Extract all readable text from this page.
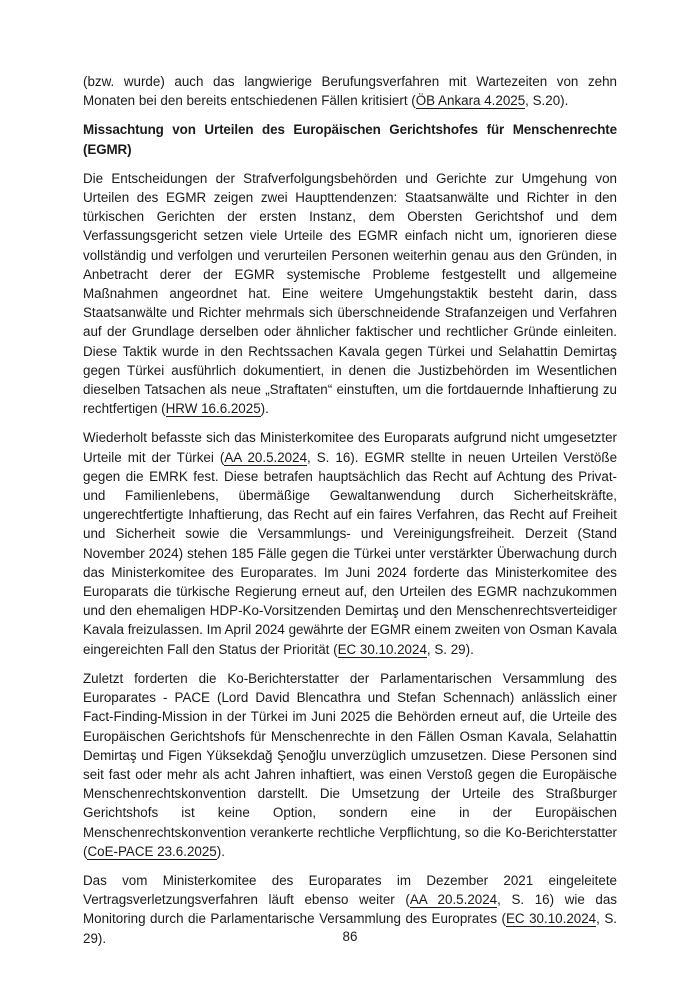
(bzw. wurde) auch das langwierige Berufungsverfahren mit Wartezeiten von zehn Monaten bei den bereits entschiedenen Fällen kritisiert (ÖB Ankara 4.2025, S.20).

Missachtung von Urteilen des Europäischen Gerichtshofes für Menschenrechte (EGMR)

Die Entscheidungen der Strafverfolgungsbehörden und Gerichte zur Umgehung von Urteilen des EGMR zeigen zwei Haupttendenzen: Staatsanwälte und Richter in den türkischen Gerichten der ersten Instanz, dem Obersten Gerichtshof und dem Verfassungsgericht setzen viele Urteile des EGMR einfach nicht um, ignorieren diese vollständig und verfolgen und verurteilen Personen weiterhin genau aus den Gründen, in Anbetracht derer der EGMR systemische Probleme festgestellt und allgemeine Maßnahmen angeordnet hat. Eine weitere Umgehungstaktik besteht darin, dass Staatsanwälte und Richter mehrmals sich überschneidende Strafanzeigen und Verfahren auf der Grundlage derselben oder ähnlicher faktischer und rechtlicher Gründe einleiten. Diese Taktik wurde in den Rechtssachen Kavala gegen Türkei und Selahattin Demirtaş gegen Türkei ausführlich dokumentiert, in denen die Justizbehörden im Wesentlichen dieselben Tatsachen als neue „Straftaten“ einstuften, um die fortdauernde Inhaftierung zu rechtfertigen (HRW 16.6.2025).

Wiederholt befasste sich das Ministerkomitee des Europarats aufgrund nicht umgesetzter Urteile mit der Türkei (AA 20.5.2024, S. 16). EGMR stellte in neuen Urteilen Verstöße gegen die EMRK fest. Diese betrafen hauptsächlich das Recht auf Achtung des Privat- und Familienlebens, übermäßige Gewaltanwendung durch Sicherheitskräfte, ungerechtfertigte Inhaftierung, das Recht auf ein faires Verfahren, das Recht auf Freiheit und Sicherheit sowie die Versammlungs- und Vereinigungsfreiheit. Derzeit (Stand November 2024) stehen 185 Fälle gegen die Türkei unter verstärkter Überwachung durch das Ministerkomitee des Europarates. Im Juni 2024 forderte das Ministerkomitee des Europarats die türkische Regierung erneut auf, den Urteilen des EGMR nachzukommen und den ehemaligen HDP-Ko-Vorsitzenden Demirtaş und den Menschenrechtsverteidiger Kavala freizulassen. Im April 2024 gewährte der EGMR einem zweiten von Osman Kavala eingereichten Fall den Status der Priorität (EC 30.10.2024, S. 29).

Zuletzt forderten die Ko-Berichterstatter der Parlamentarischen Versammlung des Europarates - PACE (Lord David Blencathra und Stefan Schennach) anlässlich einer Fact-Finding-Mission in der Türkei im Juni 2025 die Behörden erneut auf, die Urteile des Europäischen Gerichtshofs für Menschenrechte in den Fällen Osman Kavala, Selahattin Demirtaş und Figen Yüksekdağ Şenoğlu unverzüglich umzusetzen. Diese Personen sind seit fast oder mehr als acht Jahren inhaftiert, was einen Verstoß gegen die Europäische Menschenrechtskonvention darstellt. Die Umsetzung der Urteile des Straßburger Gerichtshofs ist keine Option, sondern eine in der Europäischen Menschenrechtskonvention verankerte rechtliche Verpflichtung, so die Ko-Berichterstatter (CoE-PACE 23.6.2025).

Das vom Ministerkomitee des Europarates im Dezember 2021 eingeleitete Vertragsverletzungsverfahren läuft ebenso weiter (AA 20.5.2024, S. 16) wie das Monitoring durch die Parlamentarische Versammlung des Europrates (EC 30.10.2024, S. 29).	86
